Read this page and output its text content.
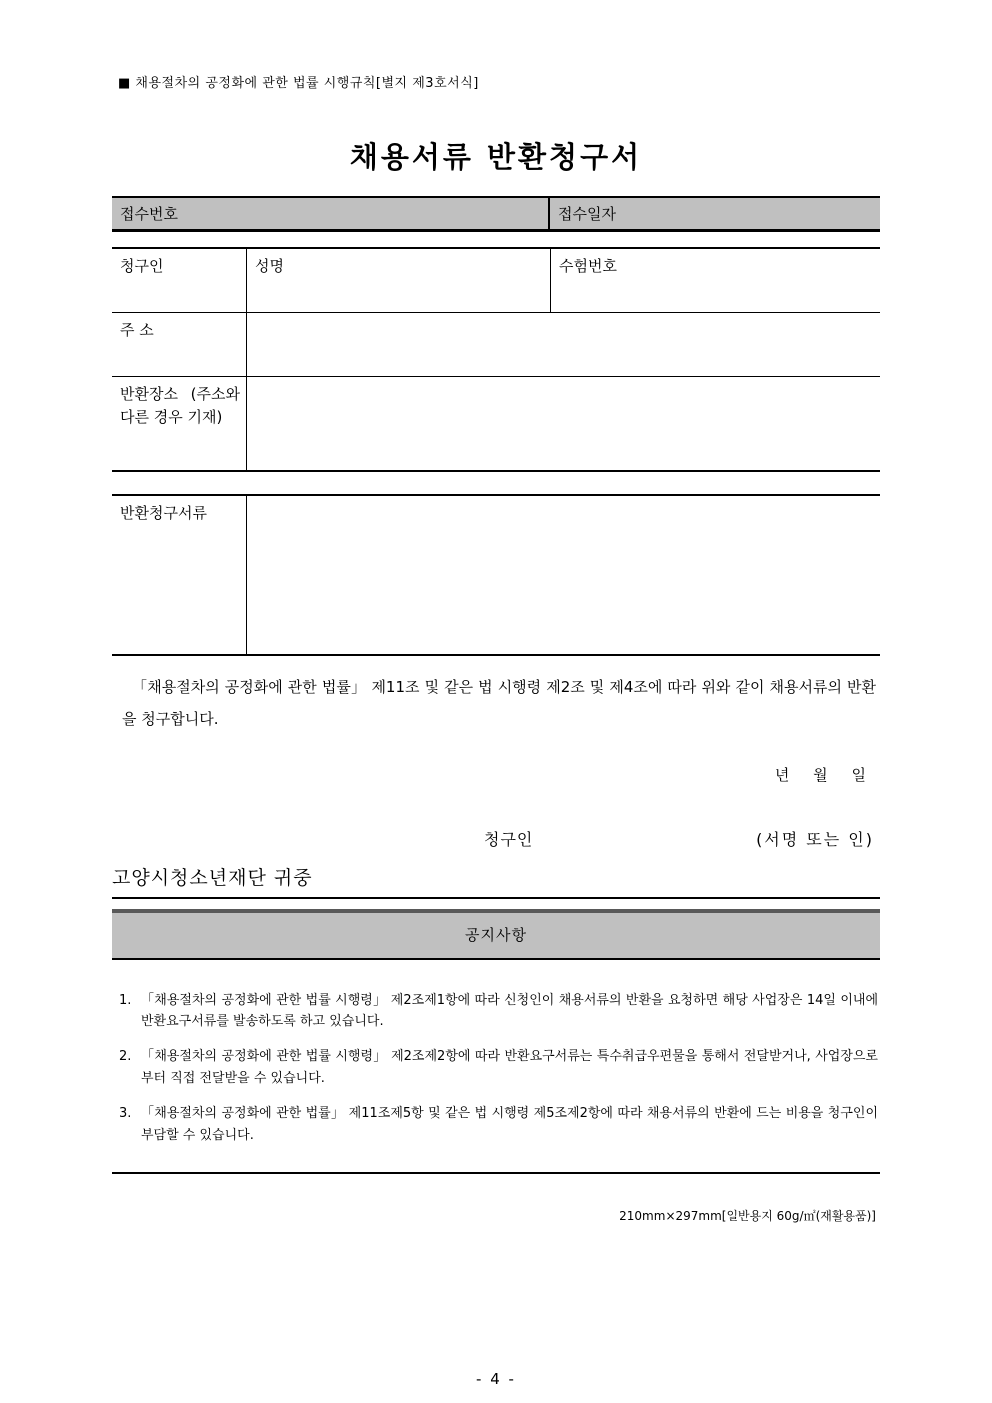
■ 채용절차의 공정화에 관한 법률 시행규칙[별지 제3호서식]
채용서류 반환청구서
접수번호	접수일자
청구인	성명	수험번호
주 소
반환장소 (주소와 다른 경우 기재)
반환청구서류
「채용절차의 공정화에 관한 법률」 제11조 및 같은 법 시행령 제2조 및 제4조에 따라 위와 같이 채용서류의 반환을 청구합니다.
년     월     일
청구인	(서명 또는 인)
고양시청소년재단 귀중
공지사항
1. 「채용절차의 공정화에 관한 법률 시행령」 제2조제1항에 따라 신청인이 채용서류의 반환을 요청하면 해당 사업장은 14일 이내에 반환요구서류를 발송하도록 하고 있습니다.
2. 「채용절차의 공정화에 관한 법률 시행령」 제2조제2항에 따라 반환요구서류는 특수취급우편물을 통해서 전달받거나, 사업장으로부터 직접 전달받을 수 있습니다.
3. 「채용절차의 공정화에 관한 법률」 제11조제5항 및 같은 법 시행령 제5조제2항에 따라 채용서류의 반환에 드는 비용을 청구인이 부담할 수 있습니다.
210mm×297mm[일반용지 60g/㎡(재활용품)]
- 4 -
